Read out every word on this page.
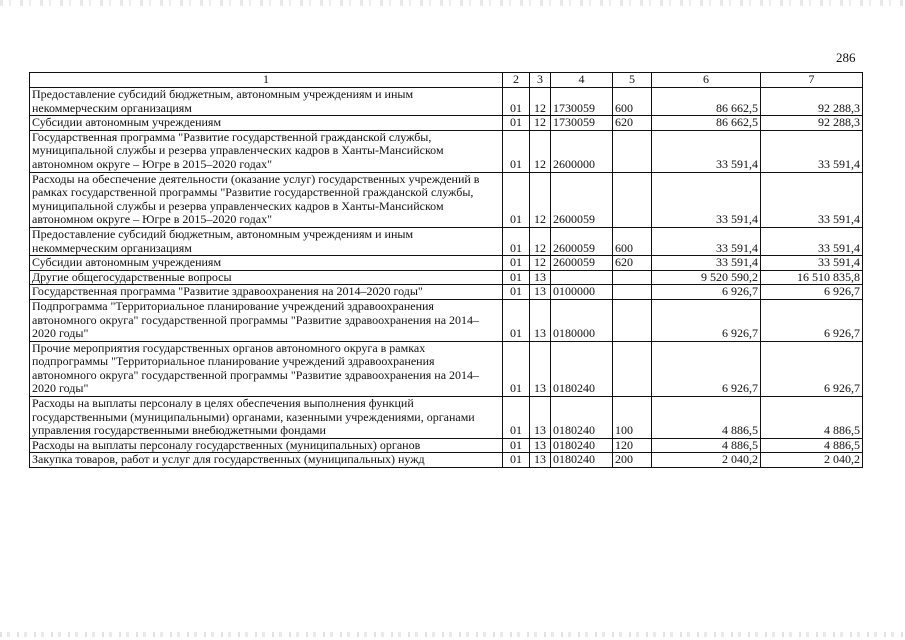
286
1	2	3	4	5	6	7
Предоставление субсидий бюджетным, автономным учреждениям и иным некоммерческим организациям	01	12	1730059	600	86 662,5	92 288,3
Субсидии автономным учреждениям	01	12	1730059	620	86 662,5	92 288,3
Государственная программа "Развитие государственной гражданской службы, муниципальной службы и резерва управленческих кадров в Ханты-Мансийском автономном округе – Югре в 2015–2020 годах"	01	12	2600000		33 591,4	33 591,4
Расходы на обеспечение деятельности (оказание услуг) государственных учреждений в рамках государственной программы "Развитие государственной гражданской службы, муниципальной службы и резерва управленческих кадров в Ханты-Мансийском автономном округе – Югре в 2015–2020 годах"	01	12	2600059		33 591,4	33 591,4
Предоставление субсидий бюджетным, автономным учреждениям и иным некоммерческим организациям	01	12	2600059	600	33 591,4	33 591,4
Субсидии автономным учреждениям	01	12	2600059	620	33 591,4	33 591,4
Другие общегосударственные вопросы	01	13			9 520 590,2	16 510 835,8
Государственная программа "Развитие здравоохранения на 2014–2020 годы"	01	13	0100000		6 926,7	6 926,7
Подпрограмма "Территориальное планирование учреждений здравоохранения автономного округа" государственной программы "Развитие здравоохранения на 2014–2020 годы"	01	13	0180000		6 926,7	6 926,7
Прочие мероприятия государственных органов автономного округа в рамках подпрограммы "Территориальное планирование учреждений здравоохранения автономного округа" государственной программы "Развитие здравоохранения на 2014–2020 годы"	01	13	0180240		6 926,7	6 926,7
Расходы на выплаты персоналу в целях обеспечения выполнения функций государственными (муниципальными) органами, казенными учреждениями, органами управления государственными внебюджетными фондами	01	13	0180240	100	4 886,5	4 886,5
Расходы на выплаты персоналу государственных (муниципальных) органов	01	13	0180240	120	4 886,5	4 886,5
Закупка товаров, работ и услуг для государственных (муниципальных) нужд	01	13	0180240	200	2 040,2	2 040,2
